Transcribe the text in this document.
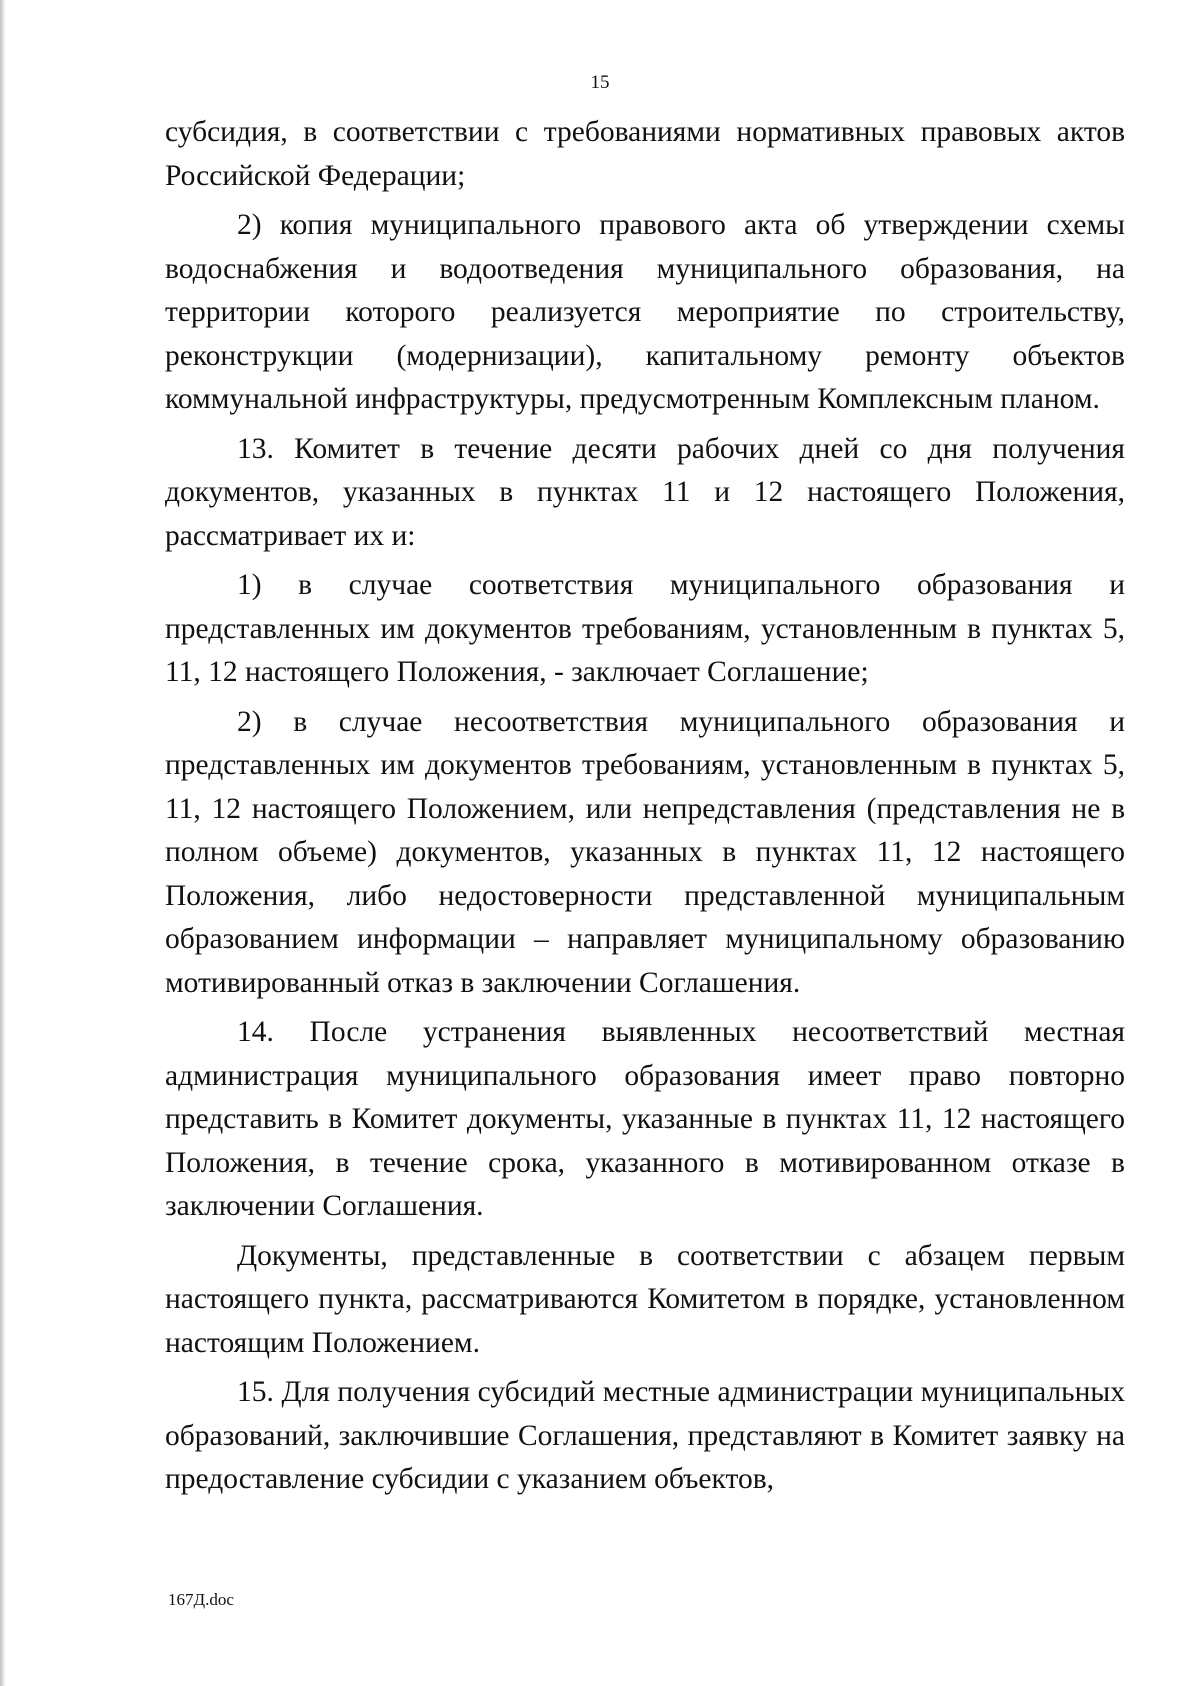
15

субсидия, в соответствии с требованиями нормативных правовых актов Российской Федерации;

2) копия муниципального правового акта об утверждении схемы водоснабжения и водоотведения муниципального образования, на территории которого реализуется мероприятие по строительству, реконструкции (модернизации), капитальному ремонту объектов коммунальной инфраструктуры, предусмотренным Комплексным планом.

13. Комитет в течение десяти рабочих дней со дня получения документов, указанных в пунктах 11 и 12 настоящего Положения, рассматривает их и:

1) в случае соответствия муниципального образования и представленных им документов требованиям, установленным в пунктах 5, 11, 12 настоящего Положения, - заключает Соглашение;

2) в случае несоответствия муниципального образования и представленных им документов требованиям, установленным в пунктах 5, 11, 12 настоящего Положением, или непредставления (представления не в полном объеме) документов, указанных в пунктах 11, 12 настоящего Положения, либо недостоверности представленной муниципальным образованием информации – направляет муниципальному образованию мотивированный отказ в заключении Соглашения.

14. После устранения выявленных несоответствий местная администрация муниципального образования имеет право повторно представить в Комитет документы, указанные в пунктах 11, 12 настоящего Положения, в течение срока, указанного в мотивированном отказе в заключении Соглашения.

Документы, представленные в соответствии с абзацем первым настоящего пункта, рассматриваются Комитетом в порядке, установленном настоящим Положением.

15. Для получения субсидий местные администрации муниципальных образований, заключившие Соглашения, представляют в Комитет заявку на предоставление субсидии с указанием объектов,

167Д.doc
